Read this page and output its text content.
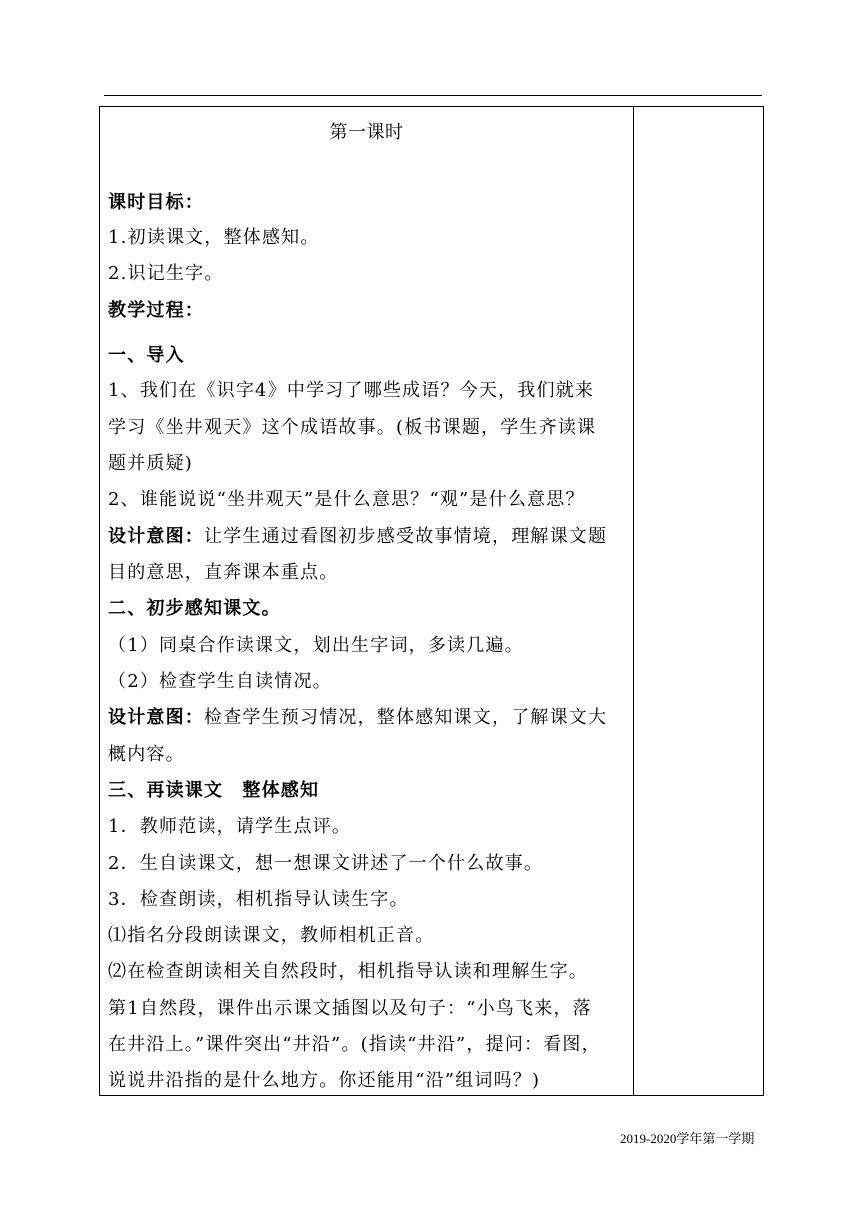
第一课时
课时目标：
1.初读课文，整体感知。
2.识记生字。
教学过程：
一、导入
1、我们在《识字4》中学习了哪些成语？今天，我们就来
学习《坐井观天》这个成语故事。(板书课题，学生齐读课
题并质疑)
2、谁能说说“坐井观天”是什么意思？“观”是什么意思？
设计意图：让学生通过看图初步感受故事情境，理解课文题
目的意思，直奔课本重点。
二、初步感知课文。
（1）同桌合作读课文，划出生字词，多读几遍。
（2）检查学生自读情况。
设计意图：检查学生预习情况，整体感知课文，了解课文大
概内容。
三、再读课文　整体感知
1．教师范读，请学生点评。
2．生自读课文，想一想课文讲述了一个什么故事。
3．检查朗读，相机指导认读生字。
⑴指名分段朗读课文，教师相机正音。
⑵在检查朗读相关自然段时，相机指导认读和理解生字。
第1自然段，课件出示课文插图以及句子：“小鸟飞来，落
在井沿上。”课件突出“井沿”。(指读“井沿”，提问：看图，
说说井沿指的是什么地方。你还能用“沿”组词吗？)
2019-2020学年第一学期
